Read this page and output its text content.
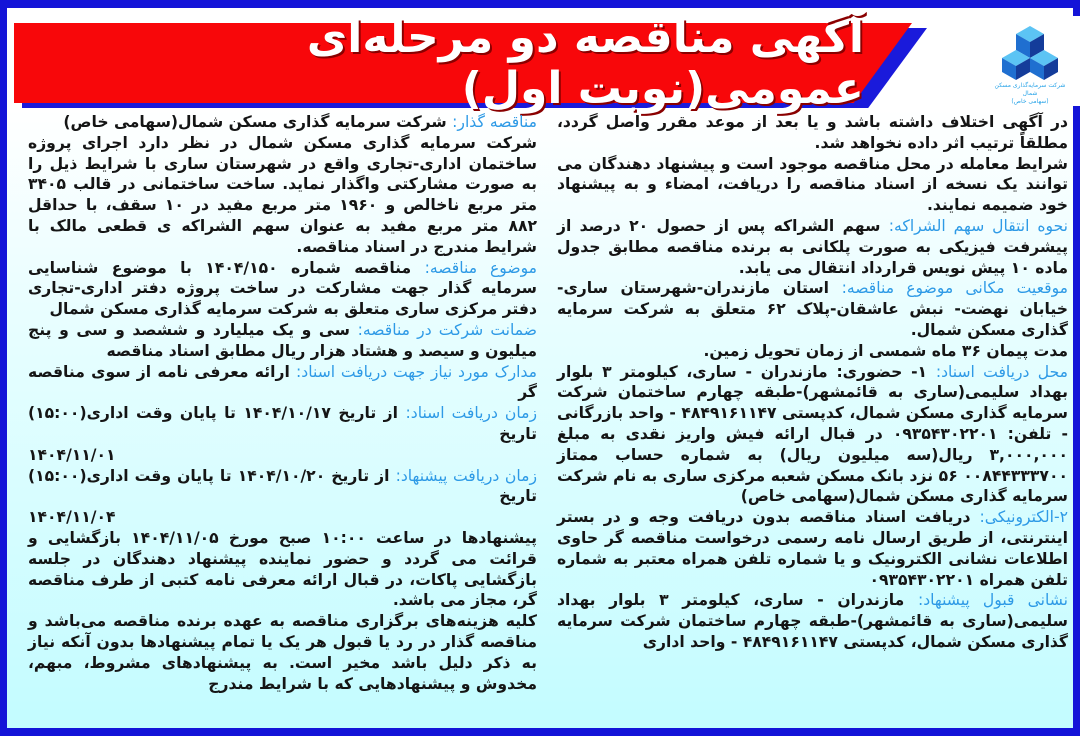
آگهی مناقصه دو مرحله‌ای عمومی(نوبت اول)	شرکت سرمایه‌گذاری مسکن شمال
(سهامی خاص)

مناقصه گذار: شرکت سرمایه گذاری مسکن شمال(سهامی خاص)

شرکت سرمایه گذاری مسکن شمال در نظر دارد اجرای پروژه ساختمان اداری-تجاری واقع در شهرستان ساری با شرایط ذیل را به صورت مشارکتی واگذار نماید. ساخت ساختمانی در قالب ۳۴۰۵ متر مربع ناخالص و ۱۹۶۰ متر مربع مفید در ۱۰ سقف، با حداقل ۸۸۲ متر مربع مفید به عنوان سهم الشراکه ی قطعی مالک با شرایط مندرج در اسناد مناقصه.

موضوع مناقصه: مناقصه شماره ۱۴۰۴/۱۵۰ با موضوع شناسایی سرمایه گذار جهت مشارکت در ساخت پروژه دفتر اداری-تجاری دفتر مرکزی ساری متعلق به شرکت سرمایه گذاری مسکن شمال

ضمانت شرکت در مناقصه: سی و یک میلیارد و ششصد و سی و پنج میلیون و سیصد و هشتاد هزار ریال مطابق اسناد مناقصه

مدارک مورد نیاز جهت دریافت اسناد: ارائه معرفی نامه از سوی مناقصه گر

زمان دریافت اسناد: از تاریخ ۱۴۰۴/۱۰/۱۷ تا پایان وقت اداری(۱۵:۰۰) تاریخ

۱۴۰۴/۱۱/۰۱

زمان دریافت پیشنهاد: از تاریخ ۱۴۰۴/۱۰/۲۰ تا پایان وقت اداری(۱۵:۰۰) تاریخ

۱۴۰۴/۱۱/۰۴

پیشنهادها در ساعت ۱۰:۰۰ صبح مورخ ۱۴۰۴/۱۱/۰۵ بازگشایی و قرائت می گردد و حضور نماینده پیشنهاد دهندگان در جلسه بازگشایی پاکات، در قبال ارائه معرفی نامه کتبی از طرف مناقصه گر، مجاز می باشد.

کلیه هزینه‌های برگزاری مناقصه به عهده برنده مناقصه می‌باشد و مناقصه گذار در رد یا قبول هر یک یا تمام پیشنهادها بدون آنکه نیاز به ذکر دلیل باشد مخیر است. به پیشنهادهای مشروط، مبهم، مخدوش و پیشنهادهایی که با شرایط مندرج

در آگهی اختلاف داشته باشد و یا بعد از موعد مقرر واصل گردد، مطلقاً ترتیب اثر داده نخواهد شد.

شرایط معامله در محل مناقصه موجود است و پیشنهاد دهندگان می توانند یک نسخه از اسناد مناقصه را دریافت، امضاء و به پیشنهاد خود ضمیمه نمایند.

نحوه انتقال سهم الشراکه: سهم الشراکه پس از حصول ۲۰ درصد از پیشرفت فیزیکی به صورت پلکانی به برنده مناقصه مطابق جدول ماده ۱۰ پیش نویس قرارداد انتقال می یابد.

موقعیت مکانی موضوع مناقصه: استان مازندران-شهرستان ساری- خیابان نهضت- نبش عاشقان-پلاک ۶۲ متعلق به شرکت سرمایه گذاری مسکن شمال.

مدت پیمان ۳۶ ماه شمسی از زمان تحویل زمین.

محل دریافت اسناد: ۱- حضوری: مازندران - ساری، کیلومتر ۳ بلوار بهداد سلیمی(ساری به قائمشهر)-طبقه چهارم ساختمان شرکت سرمایه گذاری مسکن شمال، کدپستی ۴۸۴۹۱۶۱۱۴۷ - واحد بازرگانی - تلفن: ۰۹۳۵۴۳۰۲۲۰۱ در قبال ارائه فیش واریز نقدی به مبلغ ۳,۰۰۰,۰۰۰ ریال(سه میلیون ریال) به شماره حساب ممتاز ۰۰۸۴۴۳۳۳۷۰۰ ۵۶ نزد بانک مسکن شعبه مرکزی ساری به نام شرکت سرمایه گذاری مسکن شمال(سهامی خاص)

۲-الکترونیکی: دریافت اسناد مناقصه بدون دریافت وجه و در بستر اینترنتی، از طریق ارسال نامه رسمی درخواست مناقصه گر حاوی اطلاعات نشانی الکترونیک و یا شماره تلفن همراه معتبر به شماره تلفن همراه ۰۹۳۵۴۳۰۲۲۰۱

نشانی قبول پیشنهاد: مازندران - ساری، کیلومتر ۳ بلوار بهداد سلیمی(ساری به قائمشهر)-طبقه چهارم ساختمان شرکت سرمایه گذاری مسکن شمال، کدپستی ۴۸۴۹۱۶۱۱۴۷ - واحد اداری
